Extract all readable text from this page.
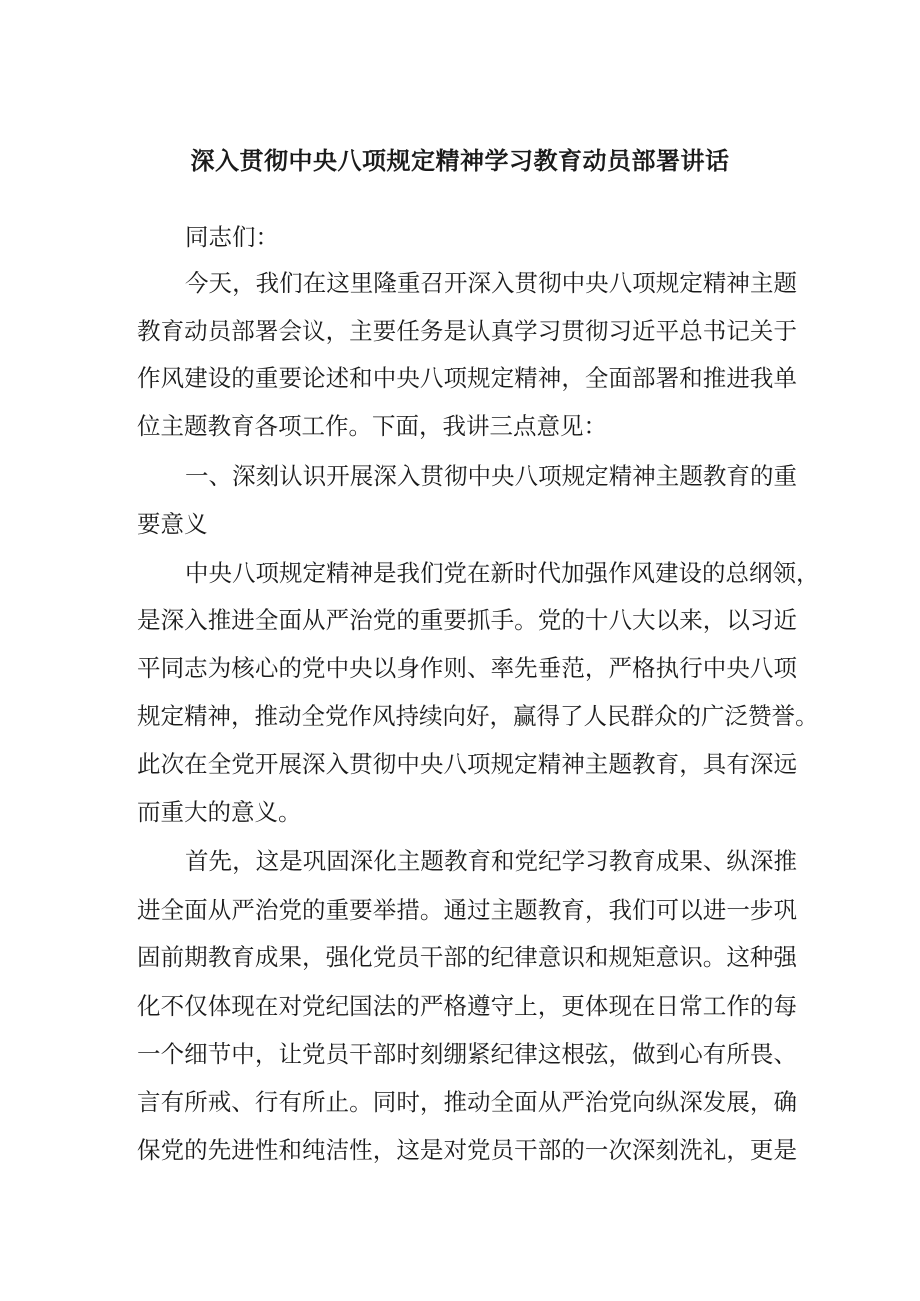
深入贯彻中央八项规定精神学习教育动员部署讲话
同志们：
今天，我们在这里隆重召开深入贯彻中央八项规定精神主题
教育动员部署会议，主要任务是认真学习贯彻习近平总书记关于
作风建设的重要论述和中央八项规定精神，全面部署和推进我单
位主题教育各项工作。下面，我讲三点意见：
一、深刻认识开展深入贯彻中央八项规定精神主题教育的重
要意义
中央八项规定精神是我们党在新时代加强作风建设的总纲领，
是深入推进全面从严治党的重要抓手。党的十八大以来，以习近
平同志为核心的党中央以身作则、率先垂范，严格执行中央八项
规定精神，推动全党作风持续向好，赢得了人民群众的广泛赞誉。
此次在全党开展深入贯彻中央八项规定精神主题教育，具有深远
而重大的意义。
首先，这是巩固深化主题教育和党纪学习教育成果、纵深推
进全面从严治党的重要举措。通过主题教育，我们可以进一步巩
固前期教育成果，强化党员干部的纪律意识和规矩意识。这种强
化不仅体现在对党纪国法的严格遵守上，更体现在日常工作的每
一个细节中，让党员干部时刻绷紧纪律这根弦，做到心有所畏、
言有所戒、行有所止。同时，推动全面从严治党向纵深发展，确
保党的先进性和纯洁性，这是对党员干部的一次深刻洗礼，更是
